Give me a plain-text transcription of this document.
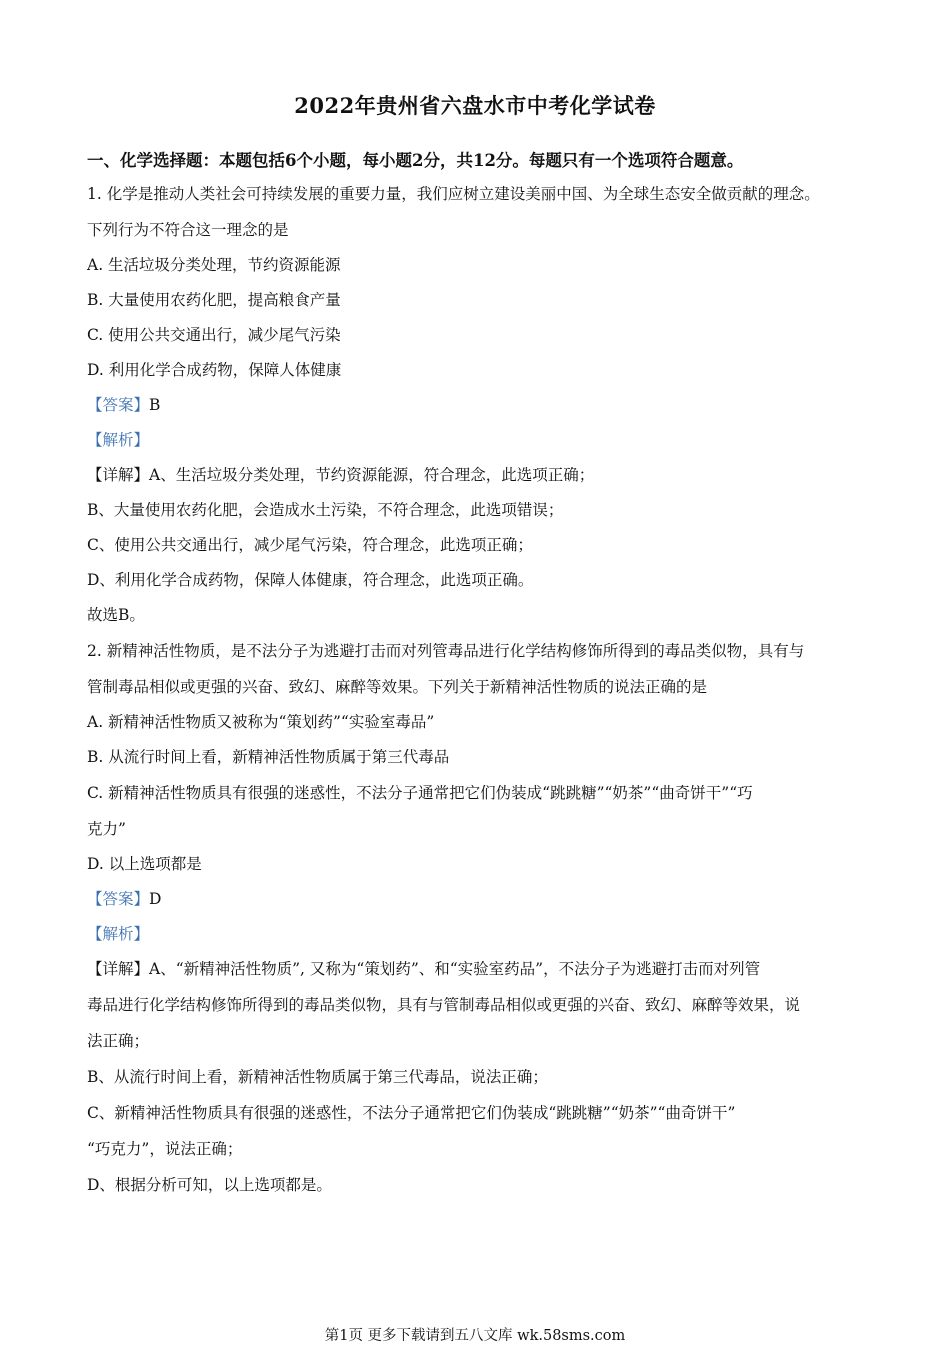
2022年贵州省六盘水市中考化学试卷
一、化学选择题：本题包括6个小题，每小题2分，共12分。每题只有一个选项符合题意。
1. 化学是推动人类社会可持续发展的重要力量，我们应树立建设美丽中国、为全球生态安全做贡献的理念。
下列行为不符合这一理念的是
A. 生活垃圾分类处理，节约资源能源
B. 大量使用农药化肥，提高粮食产量
C. 使用公共交通出行，减少尾气污染
D. 利用化学合成药物，保障人体健康
【答案】B
【解析】
【详解】A、生活垃圾分类处理，节约资源能源，符合理念，此选项正确；
B、大量使用农药化肥，会造成水土污染，不符合理念，此选项错误；
C、使用公共交通出行，减少尾气污染，符合理念，此选项正确；
D、利用化学合成药物，保障人体健康，符合理念，此选项正确。
故选B。
2. 新精神活性物质，是不法分子为逃避打击而对列管毒品进行化学结构修饰所得到的毒品类似物，具有与
管制毒品相似或更强的兴奋、致幻、麻醉等效果。下列关于新精神活性物质的说法正确的是
A. 新精神活性物质又被称为“策划药”“实验室毒品”
B. 从流行时间上看，新精神活性物质属于第三代毒品
C. 新精神活性物质具有很强的迷惑性，不法分子通常把它们伪装成“跳跳糖”“奶茶”“曲奇饼干”“巧
克力”
D. 以上选项都是
【答案】D
【解析】
【详解】A、“新精神活性物质”, 又称为“策划药”、和“实验室药品”，不法分子为逃避打击而对列管
毒品进行化学结构修饰所得到的毒品类似物，具有与管制毒品相似或更强的兴奋、致幻、麻醉等效果，说
法正确；
B、从流行时间上看，新精神活性物质属于第三代毒品，说法正确；
C、新精神活性物质具有很强的迷惑性，不法分子通常把它们伪装成“跳跳糖”“奶茶”“曲奇饼干”
“巧克力”，说法正确；
D、根据分析可知，以上选项都是。
第1页 更多下载请到五八文库 wk.58sms.com
